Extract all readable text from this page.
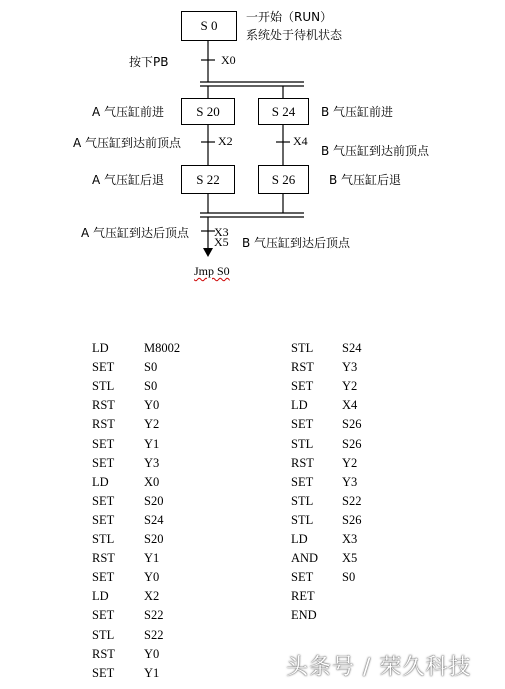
S 0
S 20	S 24
S 22	S 26
一开始（RUN）
系统处于待机状态
按下PB	X0
A 气压缸前进	B 气压缸前进
A 气压缸到达前顶点	X2	X4
B 气压缸到达前顶点
A 气压缸后退	B 气压缸后退
A 气压缸到达后顶点 X3
X5 B 气压缸到达后顶点
Jmp S0
LD	M8002
SET S0
STL S0
RST Y0
RST Y2
SET Y1
SET Y3
LD	X0
SET S20
SET S24
STL S20
RST Y1
SET Y0
LD	X2
SET S22
STL S22
RST Y0
SET Y1
STL S24
RST Y3
SET Y2
LD	X4
SET S26
STL S26
RST Y2
SET Y3
STL S22
STL S26
LD	X3
AND X5
SET S0
RET
END
头条号 / 荣久科技
